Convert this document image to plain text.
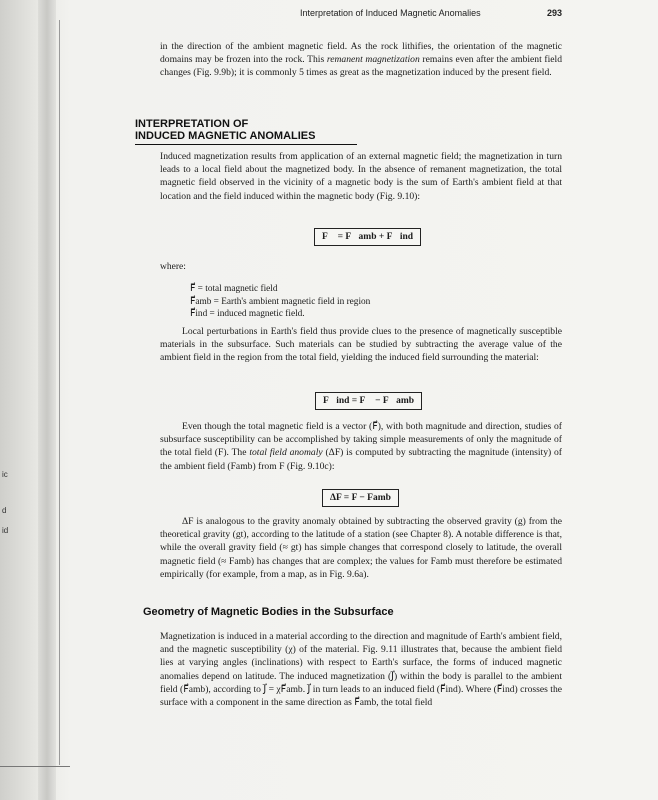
ic
d
id
Interpretation of Induced Magnetic Anomalies	293

in the direction of the ambient magnetic field. As the rock lithifies, the orientation of the magnetic domains may be frozen into the rock. This remanent magnetization remains even after the ambient field changes (Fig. 9.9b); it is commonly 5 times as great as the magnetization induced by the present field.

INTERPRETATION OF
INDUCED MAGNETIC ANOMALIES

Induced magnetization results from application of an external magnetic field; the magnetization in turn leads to a local field about the magnetized body. In the absence of remanent magnetization, the total magnetic field observed in the vicinity of a magnetic body is the sum of Earth's ambient field at that location and the field induced within the magnetic body (Fig. 9.10):

F⃗ = F⃗amb + F⃗ind
where:
F⃗ = total magnetic field
F⃗amb = Earth's ambient magnetic field in region
F⃗ind = induced magnetic field.

Local perturbations in Earth's field thus provide clues to the presence of magnetically susceptible materials in the subsurface. Such materials can be studied by subtracting the average value of the ambient field in the region from the total field, yielding the induced field surrounding the material:

F⃗ind = F⃗ − F⃗amb

Even though the total magnetic field is a vector (F⃗), with both magnitude and direction, studies of subsurface susceptibility can be accomplished by taking simple measurements of only the magnitude of the total field (F). The total field anomaly (ΔF) is computed by subtracting the magnitude (intensity) of the ambient field (Famb) from F (Fig. 9.10c):

ΔF = F − Famb

ΔF is analogous to the gravity anomaly obtained by subtracting the observed gravity (g) from the theoretical gravity (gt), according to the latitude of a station (see Chapter 8). A notable difference is that, while the overall gravity field (≈ gt) has simple changes that correspond closely to latitude, the overall magnetic field (≈ Famb) has changes that are complex; the values for Famb must therefore be estimated empirically (for example, from a map, as in Fig. 9.6a).

Geometry of Magnetic Bodies in the Subsurface

Magnetization is induced in a material according to the direction and magnitude of Earth's ambient field, and the magnetic susceptibility (χ) of the material. Fig. 9.11 illustrates that, because the ambient field lies at varying angles (inclinations) with respect to Earth's surface, the forms of induced magnetic anomalies depend on latitude. The induced magnetization (J⃗) within the body is parallel to the ambient field (F⃗amb), according to J⃗ = χF⃗amb. J⃗ in turn leads to an induced field (F⃗ind). Where (F⃗ind) crosses the surface with a component in the same direction as F⃗amb, the total field
